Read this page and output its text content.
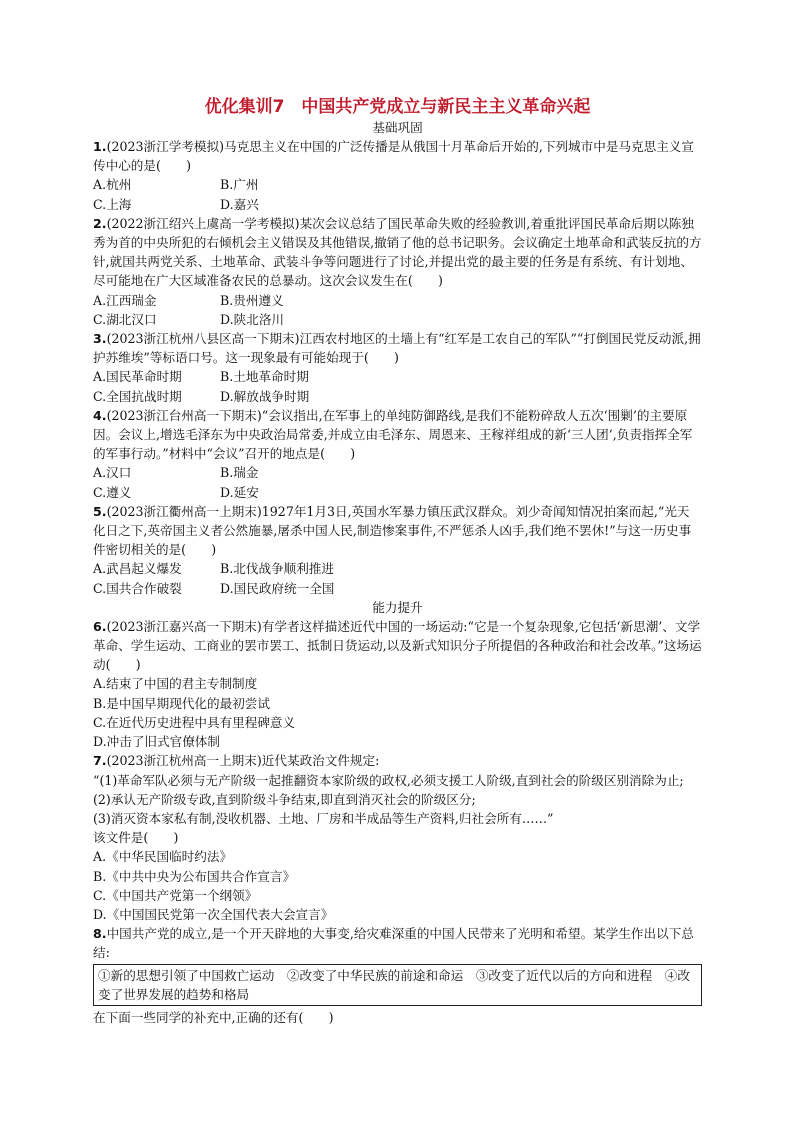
优化集训7　中国共产党成立与新民主主义革命兴起

基础巩固

1.(2023浙江学考模拟)马克思主义在中国的广泛传播是从俄国十月革命后开始的,下列城市中是马克思主义宣传中心的是(　　)

A.杭州	B.广州
C.上海	D.嘉兴

2.(2022浙江绍兴上虞高一学考模拟)某次会议总结了国民革命失败的经验教训,着重批评国民革命后期以陈独秀为首的中央所犯的右倾机会主义错误及其他错误,撤销了他的总书记职务。会议确定土地革命和武装反抗的方针,就国共两党关系、土地革命、武装斗争等问题进行了讨论,并提出党的最主要的任务是有系统、有计划地、尽可能地在广大区域准备农民的总暴动。这次会议发生在(　　)

A.江西瑞金	B.贵州遵义
C.湖北汉口	D.陕北洛川

3.(2023浙江杭州八县区高一下期末)江西农村地区的土墙上有“红军是工农自己的军队”“打倒国民党反动派,拥护苏维埃”等标语口号。这一现象最有可能始现于(　　)

A.国民革命时期	B.土地革命时期
C.全国抗战时期	D.解放战争时期

4.(2023浙江台州高一下期末)“会议指出,在军事上的单纯防御路线,是我们不能粉碎敌人五次‘围剿’的主要原因。会议上,增选毛泽东为中央政治局常委,并成立由毛泽东、周恩来、王稼祥组成的新‘三人团’,负责指挥全军的军事行动。”材料中“会议”召开的地点是(　　)

A.汉口	B.瑞金
C.遵义	D.延安

5.(2023浙江衢州高一上期末)1927年1月3日,英国水军暴力镇压武汉群众。刘少奇闻知情况拍案而起,“光天化日之下,英帝国主义者公然施暴,屠杀中国人民,制造惨案事件,不严惩杀人凶手,我们绝不罢休!”与这一历史事件密切相关的是(　　)

A.武昌起义爆发	B.北伐战争顺利推进
C.国共合作破裂	D.国民政府统一全国

能力提升

6.(2023浙江嘉兴高一下期末)有学者这样描述近代中国的一场运动:“它是一个复杂现象,它包括‘新思潮’、文学革命、学生运动、工商业的罢市罢工、抵制日货运动,以及新式知识分子所提倡的各种政治和社会改革。”这场运动(　　)

A.结束了中国的君主专制制度
B.是中国早期现代化的最初尝试
C.在近代历史进程中具有里程碑意义
D.冲击了旧式官僚体制

7.(2023浙江杭州高一上期末)近代某政治文件规定:

“(1)革命军队必须与无产阶级一起推翻资本家阶级的政权,必须支援工人阶级,直到社会的阶级区别消除为止;

(2)承认无产阶级专政,直到阶级斗争结束,即直到消灭社会的阶级区分;

(3)消灭资本家私有制,没收机器、土地、厂房和半成品等生产资料,归社会所有……”

该文件是(　　)

A.《中华民国临时约法》
B.《中共中央为公布国共合作宣言》
C.《中国共产党第一个纲领》
D.《中国国民党第一次全国代表大会宣言》

8.中国共产党的成立,是一个开天辟地的大事变,给灾难深重的中国人民带来了光明和希望。某学生作出以下总结:

①新的思想引领了中国救亡运动　②改变了中华民族的前途和命运　③改变了近代以后的方向和进程　④改变了世界发展的趋势和格局

在下面一些同学的补充中,正确的还有(　　)
